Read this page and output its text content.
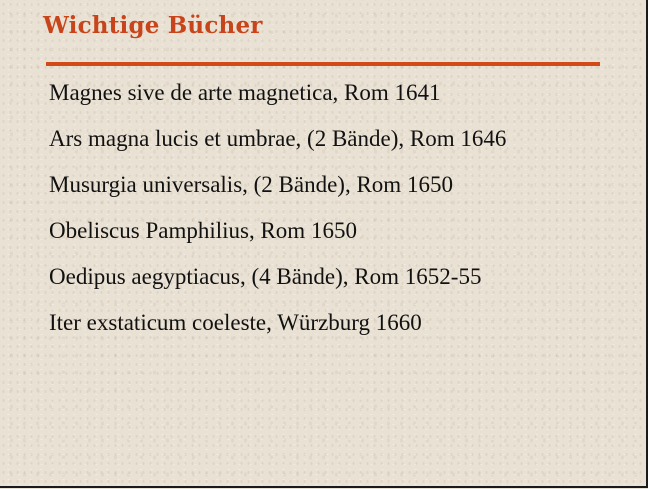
Wichtige Bücher
Magnes sive de arte magnetica, Rom 1641
Ars magna lucis et umbrae, (2 Bände), Rom 1646
Musurgia universalis, (2 Bände), Rom 1650
Obeliscus Pamphilius, Rom 1650
Oedipus aegyptiacus, (4 Bände), Rom 1652-55
Iter exstaticum coeleste, Würzburg 1660
